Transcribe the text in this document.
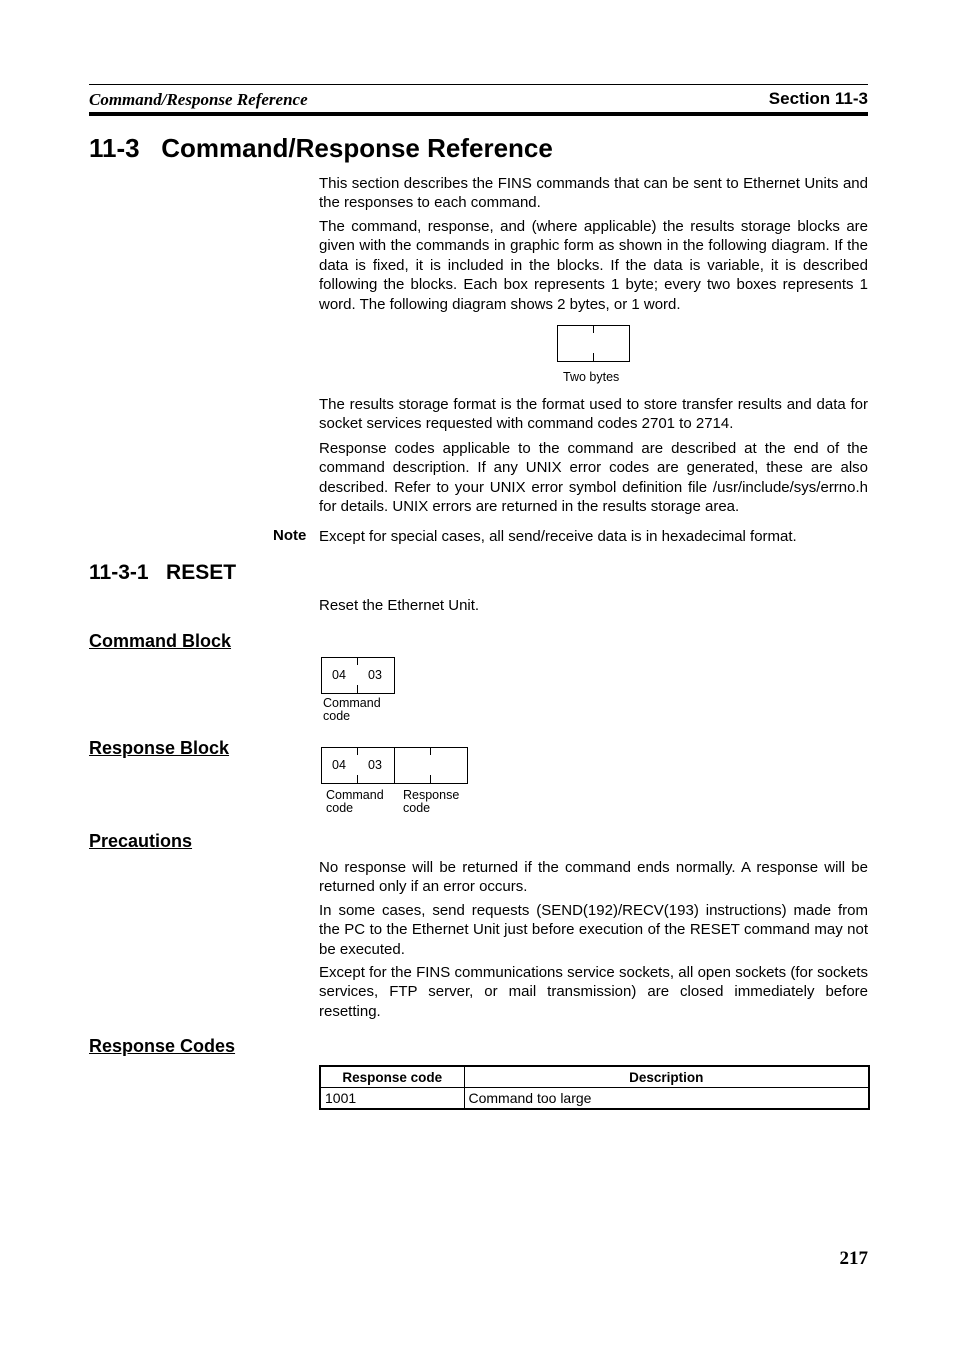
Command/Response Reference	Section 11-3
11-3   Command/Response Reference
This section describes the FINS commands that can be sent to Ethernet Units and the responses to each command.
The command, response, and (where applicable) the results storage blocks are given with the commands in graphic form as shown in the following diagram. If the data is fixed, it is included in the blocks. If the data is variable, it is described following the blocks. Each box represents 1 byte; every two boxes represents 1 word. The following diagram shows 2 bytes, or 1 word.
Two bytes
The results storage format is the format used to store transfer results and data for socket services requested with command codes 2701 to 2714.
Response codes applicable to the command are described at the end of the command description. If any UNIX error codes are generated, these are also described. Refer to your UNIX error symbol definition file /usr/include/sys/errno.h for details. UNIX errors are returned in the results storage area.
Note Except for special cases, all send/receive data is in hexadecimal format.
11-3-1   RESET
Reset the Ethernet Unit.
Command Block
04	03
Command
code
Response Block
04	03
Command
code
Response
code
Precautions
No response will be returned if the command ends normally. A response will be returned only if an error occurs.
In some cases, send requests (SEND(192)/RECV(193) instructions) made from the PC to the Ethernet Unit just before execution of the RESET command may not be executed.
Except for the FINS communications service sockets, all open sockets (for sockets services, FTP server, or mail transmission) are closed immediately before resetting.
Response Codes
Response code	Description
1001	Command too large
217
